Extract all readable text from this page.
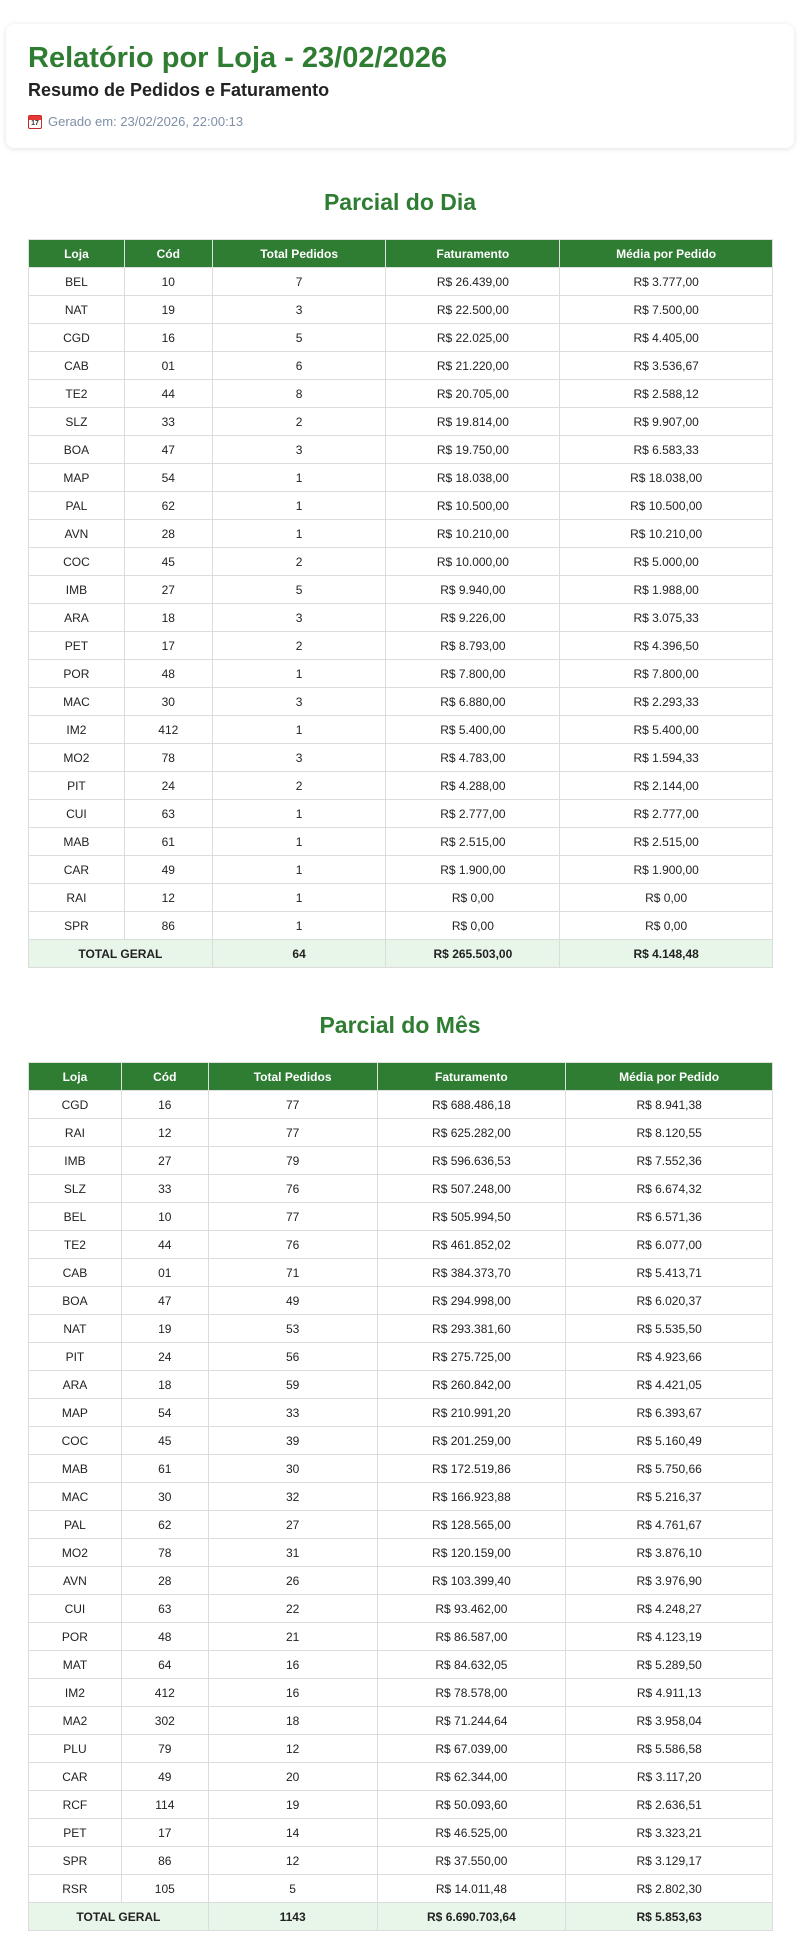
Relatório por Loja - 23/02/2026
Resumo de Pedidos e Faturamento
17
Gerado em: 23/02/2026, 22:00:13
Parcial do Dia
Loja	Cód	Total Pedidos	Faturamento	Média por Pedido
BEL	10	7	R$ 26.439,00	R$ 3.777,00
NAT	19	3	R$ 22.500,00	R$ 7.500,00
CGD	16	5	R$ 22.025,00	R$ 4.405,00
CAB	01	6	R$ 21.220,00	R$ 3.536,67
TE2	44	8	R$ 20.705,00	R$ 2.588,12
SLZ	33	2	R$ 19.814,00	R$ 9.907,00
BOA	47	3	R$ 19.750,00	R$ 6.583,33
MAP	54	1	R$ 18.038,00	R$ 18.038,00
PAL	62	1	R$ 10.500,00	R$ 10.500,00
AVN	28	1	R$ 10.210,00	R$ 10.210,00
COC	45	2	R$ 10.000,00	R$ 5.000,00
IMB	27	5	R$ 9.940,00	R$ 1.988,00
ARA	18	3	R$ 9.226,00	R$ 3.075,33
PET	17	2	R$ 8.793,00	R$ 4.396,50
POR	48	1	R$ 7.800,00	R$ 7.800,00
MAC	30	3	R$ 6.880,00	R$ 2.293,33
IM2	412	1	R$ 5.400,00	R$ 5.400,00
MO2	78	3	R$ 4.783,00	R$ 1.594,33
PIT	24	2	R$ 4.288,00	R$ 2.144,00
CUI	63	1	R$ 2.777,00	R$ 2.777,00
MAB	61	1	R$ 2.515,00	R$ 2.515,00
CAR	49	1	R$ 1.900,00	R$ 1.900,00
RAI	12	1	R$ 0,00	R$ 0,00
SPR	86	1	R$ 0,00	R$ 0,00
TOTAL GERAL		64	R$ 265.503,00	R$ 4.148,48
Parcial do Mês
Loja	Cód	Total Pedidos	Faturamento	Média por Pedido
CGD	16	77	R$ 688.486,18	R$ 8.941,38
RAI	12	77	R$ 625.282,00	R$ 8.120,55
IMB	27	79	R$ 596.636,53	R$ 7.552,36
SLZ	33	76	R$ 507.248,00	R$ 6.674,32
BEL	10	77	R$ 505.994,50	R$ 6.571,36
TE2	44	76	R$ 461.852,02	R$ 6.077,00
CAB	01	71	R$ 384.373,70	R$ 5.413,71
BOA	47	49	R$ 294.998,00	R$ 6.020,37
NAT	19	53	R$ 293.381,60	R$ 5.535,50
PIT	24	56	R$ 275.725,00	R$ 4.923,66
ARA	18	59	R$ 260.842,00	R$ 4.421,05
MAP	54	33	R$ 210.991,20	R$ 6.393,67
COC	45	39	R$ 201.259,00	R$ 5.160,49
MAB	61	30	R$ 172.519,86	R$ 5.750,66
MAC	30	32	R$ 166.923,88	R$ 5.216,37
PAL	62	27	R$ 128.565,00	R$ 4.761,67
MO2	78	31	R$ 120.159,00	R$ 3.876,10
AVN	28	26	R$ 103.399,40	R$ 3.976,90
CUI	63	22	R$ 93.462,00	R$ 4.248,27
POR	48	21	R$ 86.587,00	R$ 4.123,19
MAT	64	16	R$ 84.632,05	R$ 5.289,50
IM2	412	16	R$ 78.578,00	R$ 4.911,13
MA2	302	18	R$ 71.244,64	R$ 3.958,04
PLU	79	12	R$ 67.039,00	R$ 5.586,58
CAR	49	20	R$ 62.344,00	R$ 3.117,20
RCF	114	19	R$ 50.093,60	R$ 2.636,51
PET	17	14	R$ 46.525,00	R$ 3.323,21
SPR	86	12	R$ 37.550,00	R$ 3.129,17
RSR	105	5	R$ 14.011,48	R$ 2.802,30
TOTAL GERAL		1143	R$ 6.690.703,64	R$ 5.853,63
